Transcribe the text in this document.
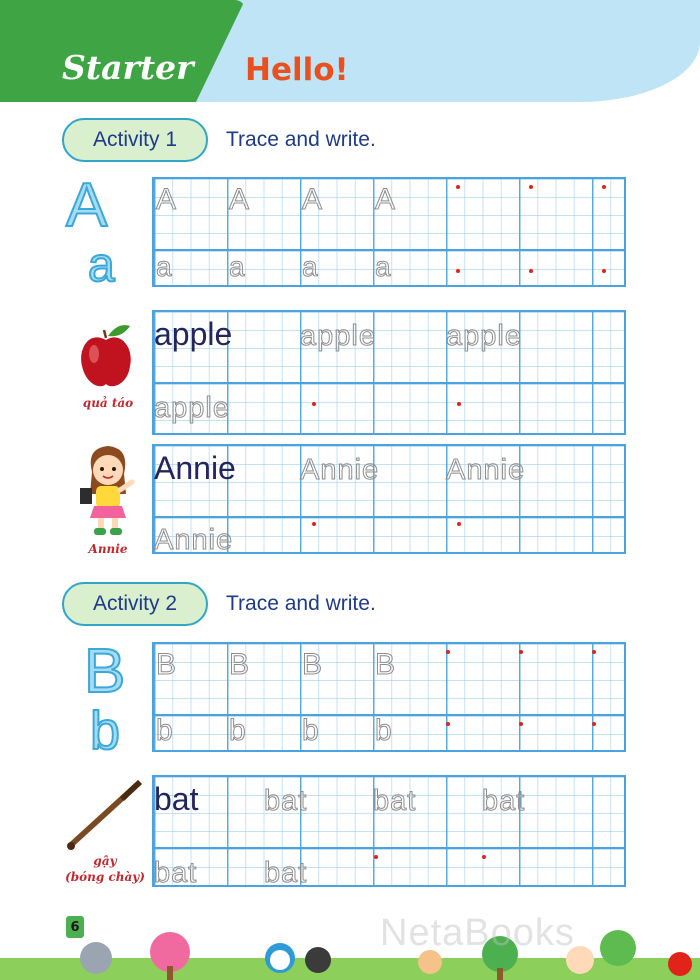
Starter Hello!
Activity 1	Trace and write.
A
a
A A A A
a a a a
quả táo
apple apple apple
apple
Annie
Annie Annie Annie
Annie
Activity 2	Trace and write.
B
b
B B B B
b b b b
gậy
(bóng chày)
bat bat bat bat
bat bat
6	NetaBooks
